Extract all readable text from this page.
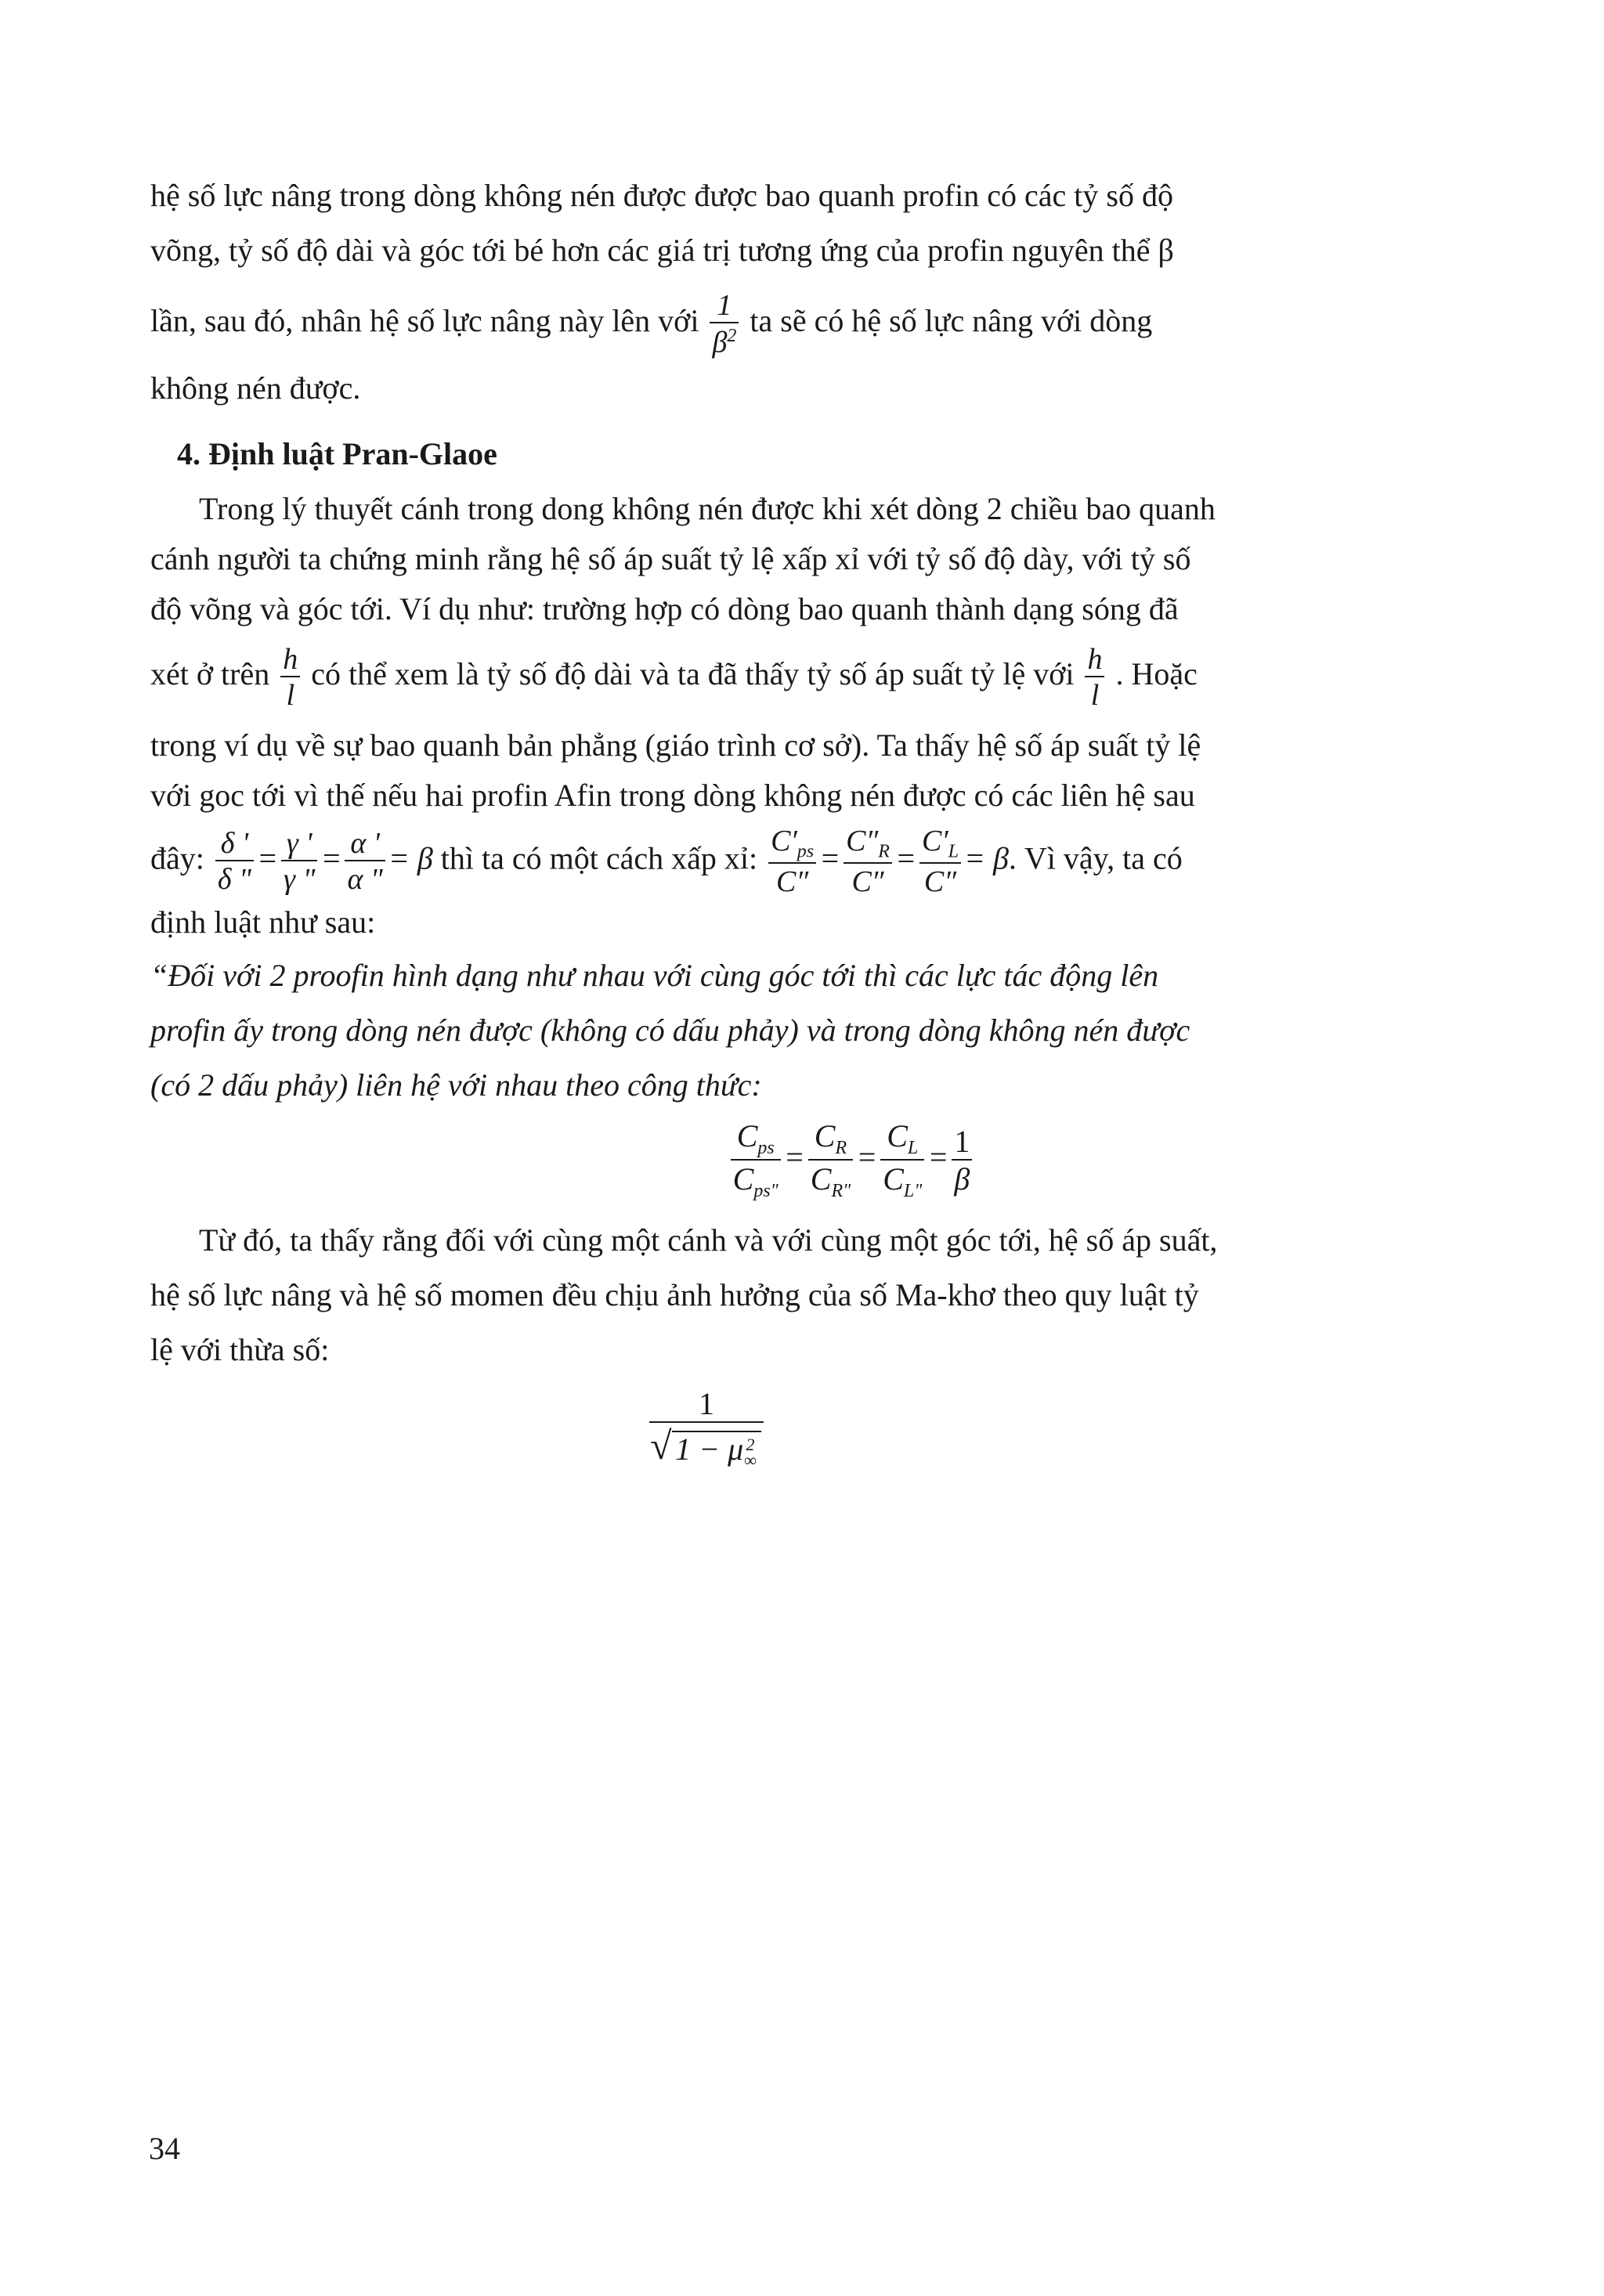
hệ số lực nâng trong dòng không nén được được bao quanh profin có các tỷ số độ
võng, tỷ số độ dài và góc tới bé hơn các giá trị tương ứng của profin nguyên thể β
lần, sau đó, nhân hệ số lực nâng này lên với $\frac{1}{\beta^2}$ ta sẽ có hệ số lực nâng với dòng
không nén được.
4. Định luật Pran-Glaoe
Trong lý thuyết cánh trong dong không nén được khi xét dòng 2 chiều bao quanh
cánh người ta chứng minh rằng hệ số áp suất tỷ lệ xấp xỉ với tỷ số độ dày, với tỷ số
độ võng và góc tới. Ví dụ như: trường hợp có dòng bao quanh thành dạng sóng đã
xét ở trên $\frac{h}{l}$ có thể xem là tỷ số độ dài và ta đã thấy tỷ số áp suất tỷ lệ với $\frac{h}{l}$ . Hoặc
trong ví dụ về sự bao quanh bản phẳng (giáo trình cơ sở). Ta thấy hệ số áp suất tỷ lệ
với goc tới vì thế nếu hai profin Afin trong dòng không nén được có các liên hệ sau
đây: $\frac{\delta '}{\delta "} = \frac{\gamma '}{\gamma "} = \frac{\alpha '}{\alpha "} = \beta$ thì ta có một cách xấp xỉ: $\frac{C'_{ps}}{C''} = \frac{C''_R}{C''} = \frac{C'_L}{C''} = \beta$. Vì vậy, ta có
định luật như sau:
“Đối với 2 proofin hình dạng như nhau với cùng góc tới thì các lực tác động lên
profin ấy trong dòng nén được (không có dấu phảy) và trong dòng không nén được
(có 2 dấu phảy) liên hệ với nhau theo công thức:
$\frac{C_{ps}}{C_{ps"}} = \frac{C_R}{C_{R"}} = \frac{C_L}{C_{L"}} = \frac{1}{\beta}$
Từ đó, ta thấy rằng đối với cùng một cánh và với cùng một góc tới, hệ số áp suất,
hệ số lực nâng và hệ số momen đều chịu ảnh hưởng của số Ma-khơ theo quy luật tỷ
lệ với thừa số:
1
√ 1 − μ 2
∞
34
